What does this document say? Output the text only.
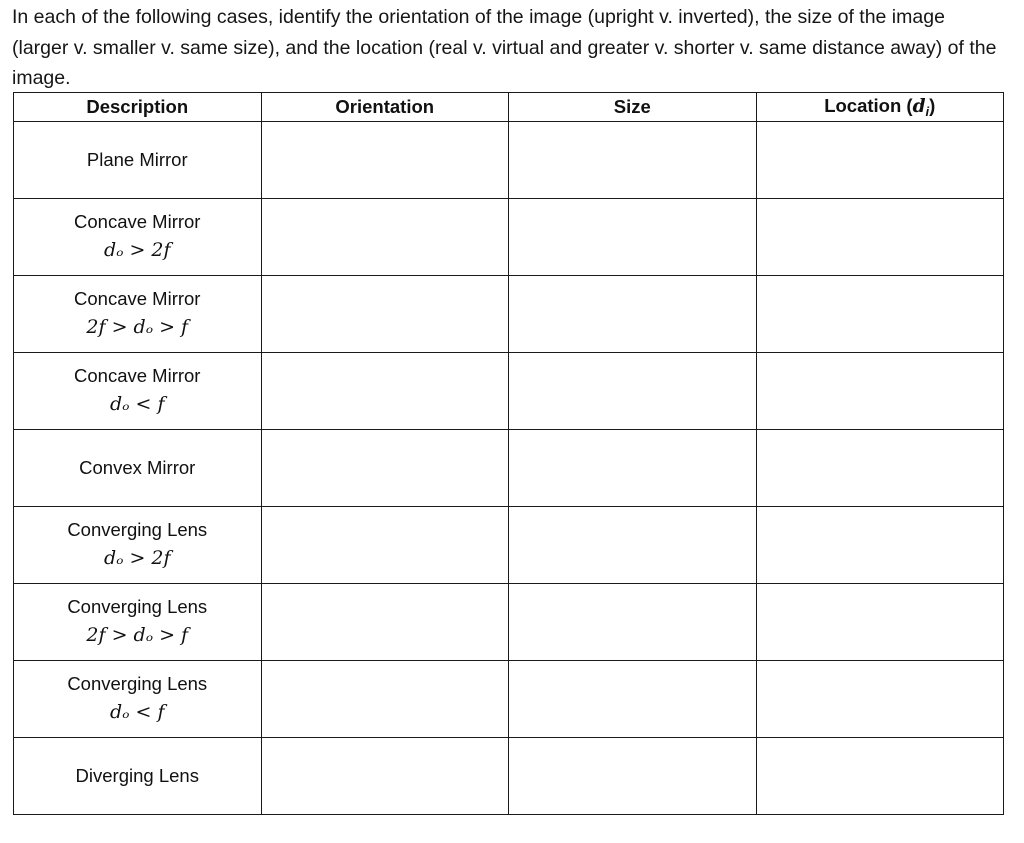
In each of the following cases, identify the orientation of the image (upright v. inverted), the size of the image (larger v. smaller v. same size), and the location (real v. virtual and greater v. shorter v. same distance away) of the image.
Description	Orientation	Size	Location $(d_i)$

Plane Mirror			

Concave Mirror
dₒ > 2f			

Concave Mirror
2f > dₒ > f			

Concave Mirror
dₒ < f			

Convex Mirror			

Converging Lens
dₒ > 2f			

Converging Lens
2f > dₒ > f			

Converging Lens
dₒ < f			

Diverging Lens			
